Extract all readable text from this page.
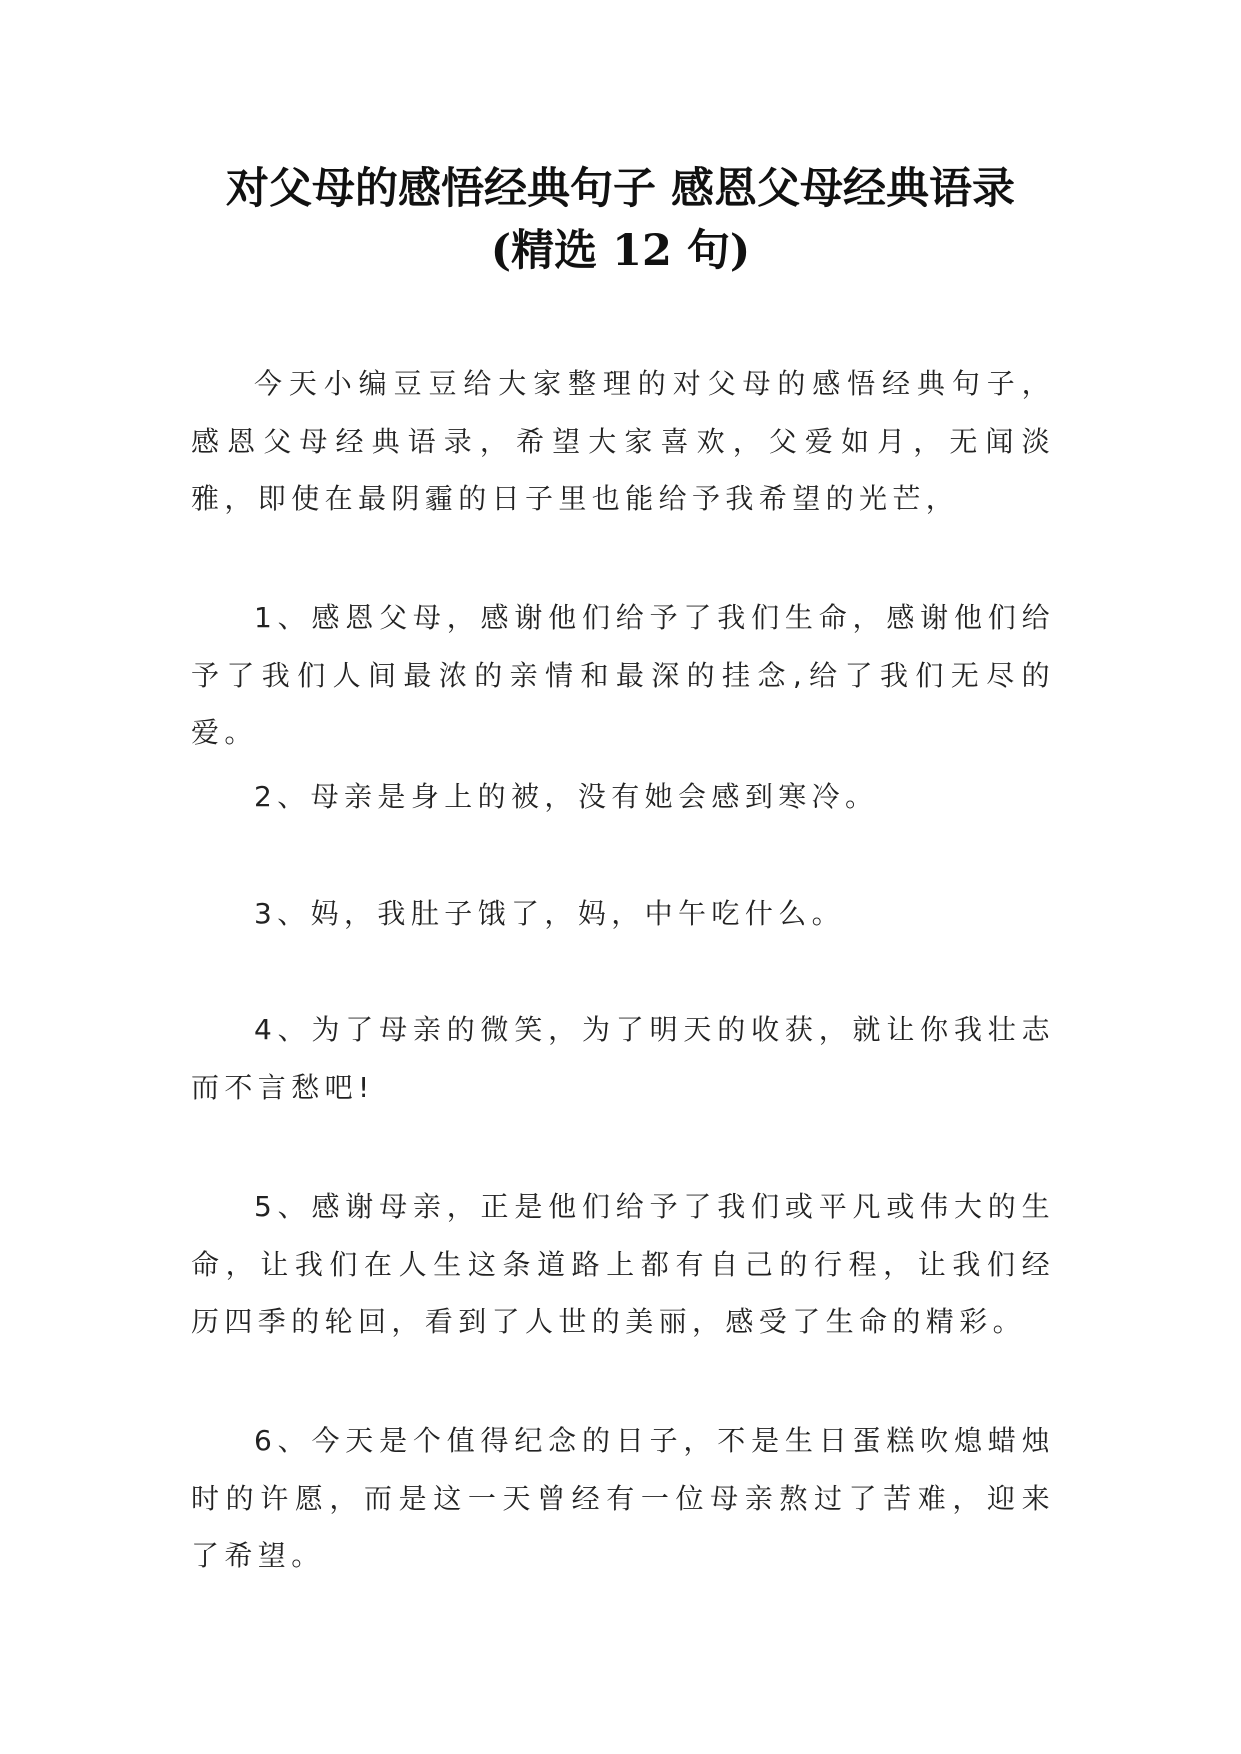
对父母的感悟经典句子 感恩父母经典语录
(精选 12 句)

今天小编豆豆给大家整理的对父母的感悟经典句子，感恩父母经典语录，希望大家喜欢，父爱如月，无闻淡雅，即使在最阴霾的日子里也能给予我希望的光芒，

1、感恩父母，感谢他们给予了我们生命，感谢他们给予了我们人间最浓的亲情和最深的挂念,给了我们无尽的爱。

2、母亲是身上的被，没有她会感到寒冷。

3、妈，我肚子饿了，妈，中午吃什么。

4、为了母亲的微笑，为了明天的收获，就让你我壮志而不言愁吧!

5、感谢母亲，正是他们给予了我们或平凡或伟大的生命，让我们在人生这条道路上都有自己的行程，让我们经历四季的轮回，看到了人世的美丽，感受了生命的精彩。

6、今天是个值得纪念的日子，不是生日蛋糕吹熄蜡烛时的许愿，而是这一天曾经有一位母亲熬过了苦难，迎来了希望。
